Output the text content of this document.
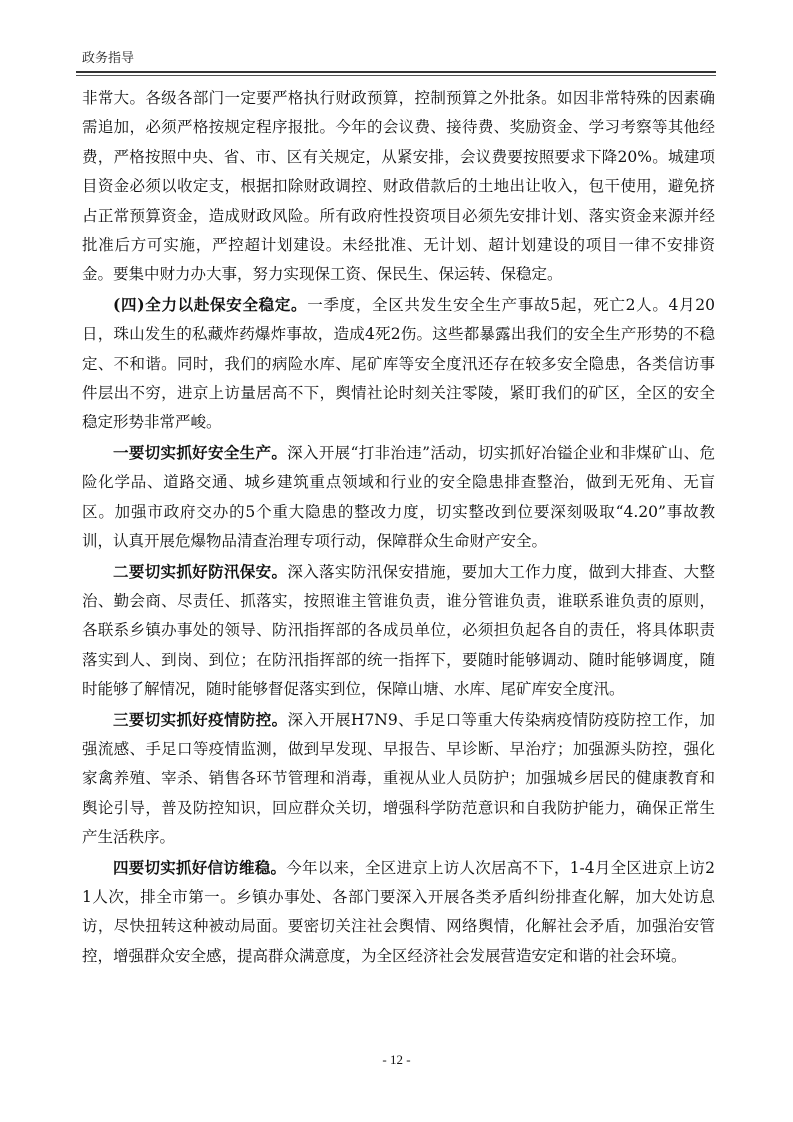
政务指导

非常大。各级各部门一定要严格执行财政预算，控制预算之外批条。如因非常特殊的因素确需追加，必须严格按规定程序报批。今年的会议费、接待费、奖励资金、学习考察等其他经费，严格按照中央、省、市、区有关规定，从紧安排，会议费要按照要求下降20%。城建项目资金必须以收定支，根据扣除财政调控、财政借款后的土地出让收入，包干使用，避免挤占正常预算资金，造成财政风险。所有政府性投资项目必须先安排计划、落实资金来源并经批准后方可实施，严控超计划建设。未经批准、无计划、超计划建设的项目一律不安排资金。要集中财力办大事，努力实现保工资、保民生、保运转、保稳定。

(四)全力以赴保安全稳定。一季度，全区共发生安全生产事故5起，死亡2人。4月20日，珠山发生的私藏炸药爆炸事故，造成4死2伤。这些都暴露出我们的安全生产形势的不稳定、不和谐。同时，我们的病险水库、尾矿库等安全度汛还存在较多安全隐患，各类信访事件层出不穷，进京上访量居高不下，舆情社论时刻关注零陵，紧盯我们的矿区，全区的安全稳定形势非常严峻。

一要切实抓好安全生产。深入开展“打非治违”活动，切实抓好冶镒企业和非煤矿山、危险化学品、道路交通、城乡建筑重点领域和行业的安全隐患排查整治，做到无死角、无盲区。加强市政府交办的5个重大隐患的整改力度，切实整改到位要深刻吸取“4.20”事故教训，认真开展危爆物品清查治理专项行动，保障群众生命财产安全。

二要切实抓好防汛保安。深入落实防汛保安措施，要加大工作力度，做到大排查、大整治、勤会商、尽责任、抓落实，按照谁主管谁负责，谁分管谁负责，谁联系谁负责的原则，各联系乡镇办事处的领导、防汛指挥部的各成员单位，必须担负起各自的责任，将具体职责落实到人、到岗、到位；在防汛指挥部的统一指挥下，要随时能够调动、随时能够调度，随时能够了解情况，随时能够督促落实到位，保障山塘、水库、尾矿库安全度汛。

三要切实抓好疫情防控。深入开展H7N9、手足口等重大传染病疫情防疫防控工作，加强流感、手足口等疫情监测，做到早发现、早报告、早诊断、早治疗；加强源头防控，强化家禽养殖、宰杀、销售各环节管理和消毒，重视从业人员防护；加强城乡居民的健康教育和舆论引导，普及防控知识，回应群众关切，增强科学防范意识和自我防护能力，确保正常生产生活秩序。

四要切实抓好信访维稳。今年以来，全区进京上访人次居高不下，1-4月全区进京上访21人次，排全市第一。乡镇办事处、各部门要深入开展各类矛盾纠纷排查化解，加大处访息访，尽快扭转这种被动局面。要密切关注社会舆情、网络舆情，化解社会矛盾，加强治安管控，增强群众安全感，提高群众满意度，为全区经济社会发展营造安定和谐的社会环境。

- 12 -
